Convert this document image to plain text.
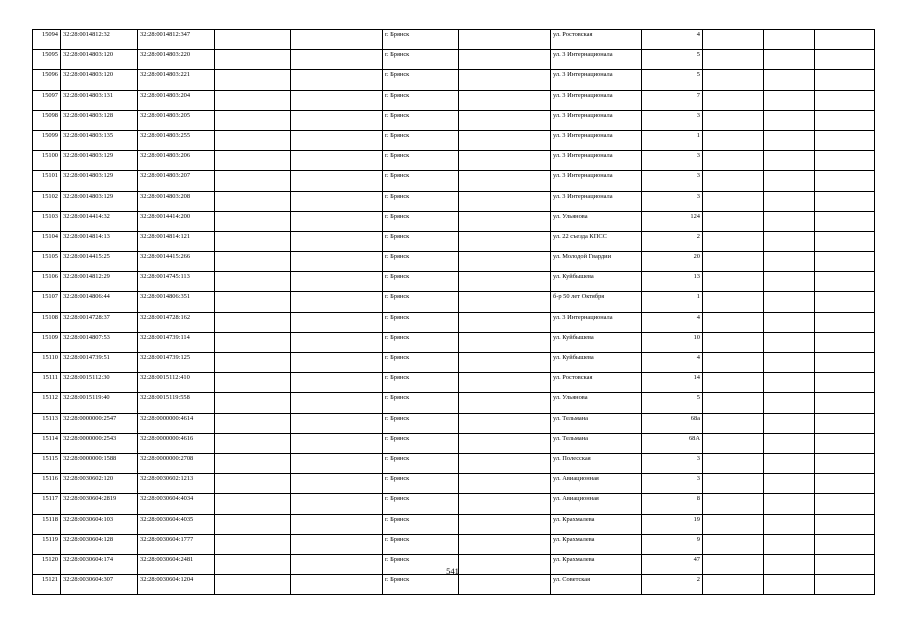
15094	32:28:0014812:32	32:28:0014812:347			г. Брянск		ул. Ростовская	4			
15095	32:28:0014803:120	32:28:0014803:220			г. Брянск		ул. 3 Интернационала	5			
15096	32:28:0014803:120	32:28:0014803:221			г. Брянск		ул. 3 Интернационала	5			
15097	32:28:0014803:131	32:28:0014803:204			г. Брянск		ул. 3 Интернационала	7			
15098	32:28:0014803:128	32:28:0014803:205			г. Брянск		ул. 3 Интернационала	3			
15099	32:28:0014803:135	32:28:0014803:255			г. Брянск		ул. 3 Интернационала	1			
15100	32:28:0014803:129	32:28:0014803:206			г. Брянск		ул. 3 Интернационала	3			
15101	32:28:0014803:129	32:28:0014803:207			г. Брянск		ул. 3 Интернационала	3			
15102	32:28:0014803:129	32:28:0014803:208			г. Брянск		ул. 3 Интернационала	3			
15103	32:28:0014414:32	32:28:0014414:200			г. Брянск		ул. Ульянова	124			
15104	32:28:0014814:13	32:28:0014814:121			г. Брянск		ул. 22 съезда КПСС	2			
15105	32:28:0014415:25	32:28:0014415:266			г. Брянск		ул. Молодой Гвардии	20			
15106	32:28:0014812:29	32:28:0014745:113			г. Брянск		ул. Куйбышева	13			
15107	32:28:0014806:44	32:28:0014806:351			г. Брянск		б-р 50 лет Октября	1			
15108	32:28:0014728:37	32:28:0014728:162			г. Брянск		ул. 3 Интернационала	4			
15109	32:28:0014807:53	32:28:0014739:114			г. Брянск		ул. Куйбышева	10			
15110	32:28:0014739:51	32:28:0014739:125			г. Брянск		ул. Куйбышева	4			
15111	32:28:0015112:30	32:28:0015112:410			г. Брянск		ул. Ростовская	14			
15112	32:28:0015119:40	32:28:0015119:558			г. Брянск		ул. Ульянова	5			
15113	32:28:0000000:2547	32:28:0000000:4614			г. Брянск		ул. Тельмана	68а			
15114	32:28:0000000:2543	32:28:0000000:4616			г. Брянск		ул. Тельмана	68А			
15115	32:28:0000000:1588	32:28:0000000:2708			г. Брянск		ул. Полесская	3			
15116	32:28:0030602:120	32:28:0030602:1213			г. Брянск		ул. Авиационная	3			
15117	32:28:0030604:2819	32:28:0030604:4034			г. Брянск		ул. Авиационная	8			
15118	32:28:0030604:103	32:28:0030604:4035			г. Брянск		ул. Крахмалева	19			
15119	32:28:0030604:128	32:28:0030604:1777			г. Брянск		ул. Крахмалева	9			
15120	32:28:0030604:174	32:28:0030604:2481			г. Брянск		ул. Крахмалева	47			
15121	32:28:0030604:307	32:28:0030604:1204			г. Брянск		ул. Советская	2			
541
